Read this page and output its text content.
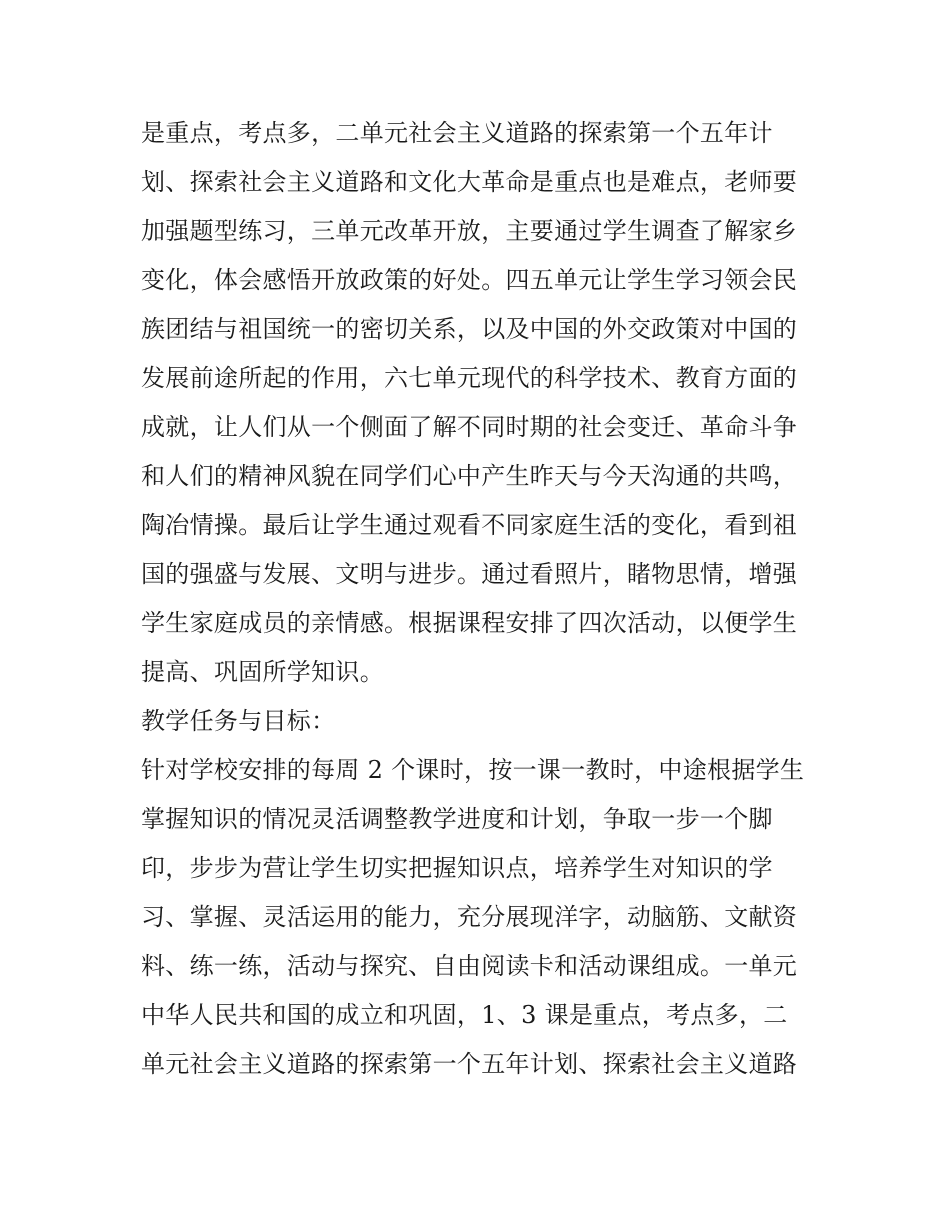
是重点，考点多，二单元社会主义道路的探索第一个五年计
划、探索社会主义道路和文化大革命是重点也是难点，老师要
加强题型练习，三单元改革开放，主要通过学生调查了解家乡
变化，体会感悟开放政策的好处。四五单元让学生学习领会民
族团结与祖国统一的密切关系，以及中国的外交政策对中国的
发展前途所起的作用，六七单元现代的科学技术、教育方面的
成就，让人们从一个侧面了解不同时期的社会变迁、革命斗争
和人们的精神风貌在同学们心中产生昨天与今天沟通的共鸣，
陶冶情操。最后让学生通过观看不同家庭生活的变化，看到祖
国的强盛与发展、文明与进步。通过看照片，睹物思情，增强
学生家庭成员的亲情感。根据课程安排了四次活动，以便学生
提高、巩固所学知识。
教学任务与目标：
针对学校安排的每周 2 个课时，按一课一教时，中途根据学生
掌握知识的情况灵活调整教学进度和计划，争取一步一个脚
印，步步为营让学生切实把握知识点，培养学生对知识的学
习、掌握、灵活运用的能力，充分展现洋字，动脑筋、文献资
料、练一练，活动与探究、自由阅读卡和活动课组成。一单元
中华人民共和国的成立和巩固，1、3 课是重点，考点多，二
单元社会主义道路的探索第一个五年计划、探索社会主义道路
